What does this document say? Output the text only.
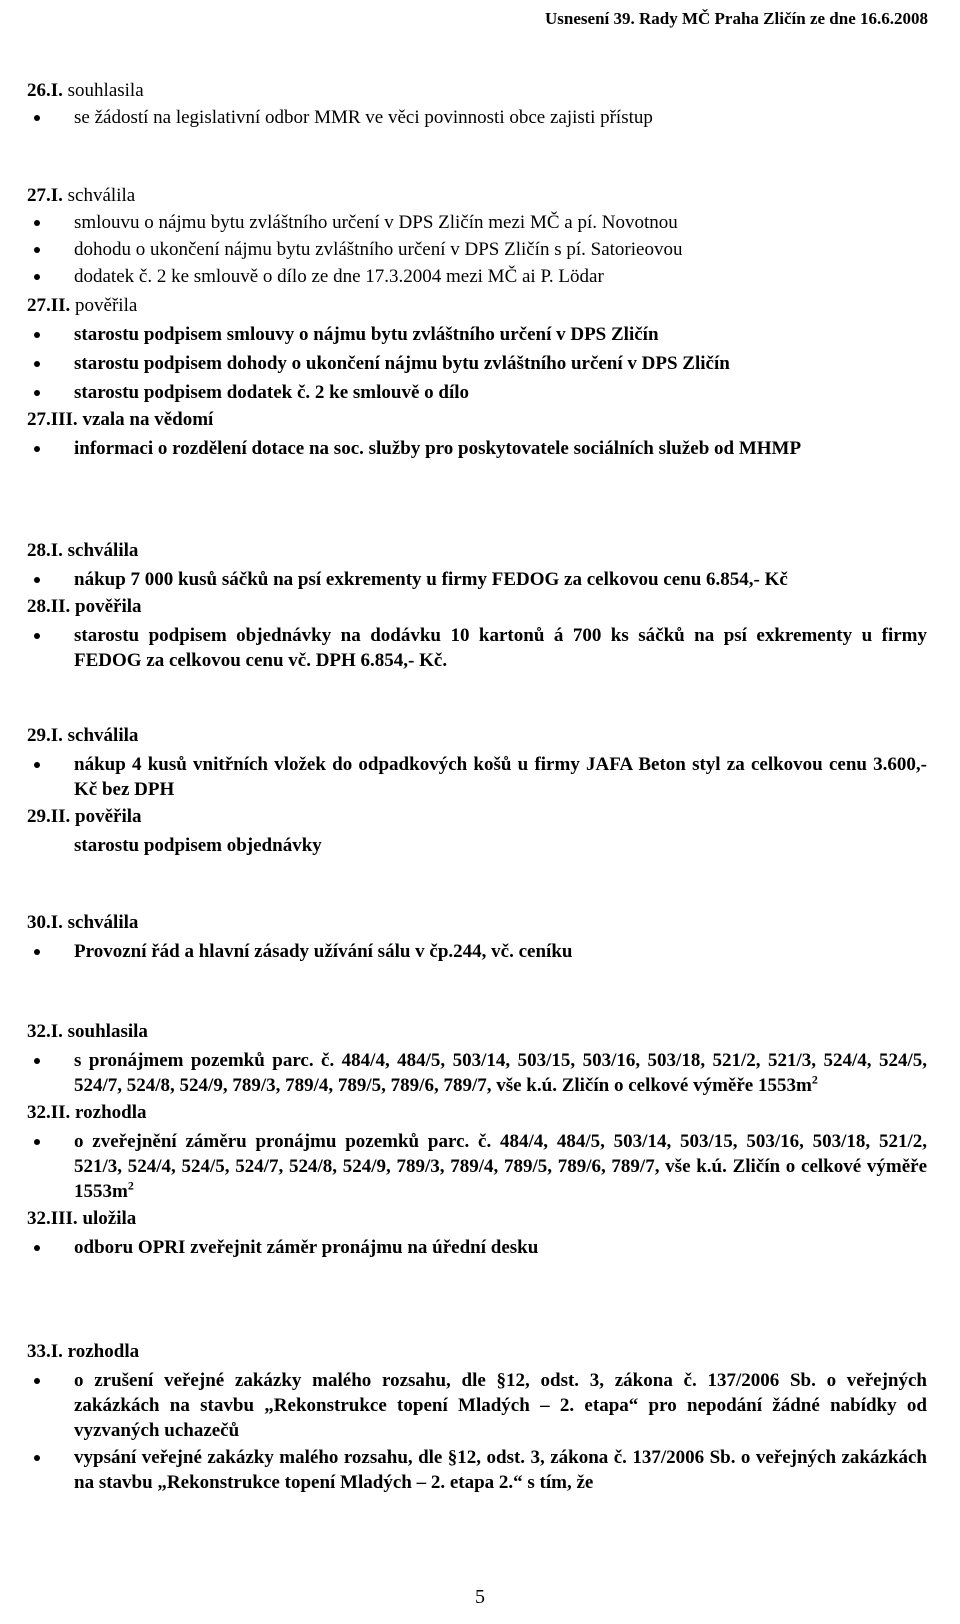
Usnesení 39. Rady MČ Praha Zličín ze dne 16.6.2008
26.I. souhlasila
se žádostí na legislativní odbor MMR ve věci povinnosti obce zajisti přístup
27.I. schválila
smlouvu o nájmu bytu zvláštního určení v DPS Zličín mezi MČ a pí. Novotnou
dohodu o ukončení nájmu bytu zvláštního určení v DPS Zličín s pí. Satorieovou
dodatek č. 2 ke smlouvě o dílo ze dne 17.3.2004 mezi MČ ai P. Lödar
27.II. pověřila
starostu podpisem smlouvy o nájmu bytu zvláštního určení v DPS Zličín
starostu podpisem dohody o ukončení nájmu bytu zvláštního určení v DPS Zličín
starostu podpisem dodatek č. 2 ke smlouvě o dílo
27.III. vzala na vědomí
informaci o rozdělení dotace na soc. služby pro poskytovatele sociálních služeb od MHMP
28.I. schválila
nákup 7 000 kusů sáčků na psí exkrementy u firmy FEDOG za celkovou cenu 6.854,- Kč
28.II. pověřila
starostu podpisem objednávky na dodávku 10 kartonů á 700 ks sáčků na psí exkrementy u firmy FEDOG za celkovou cenu vč. DPH 6.854,- Kč.
29.I. schválila
nákup 4 kusů vnitřních vložek do odpadkových košů u firmy JAFA Beton styl za celkovou cenu 3.600,- Kč bez DPH
29.II. pověřila
starostu podpisem objednávky
30.I. schválila
Provozní řád a hlavní zásady užívání sálu v čp.244, vč. ceníku
32.I. souhlasila
s pronájmem pozemků parc. č. 484/4, 484/5, 503/14, 503/15, 503/16, 503/18, 521/2, 521/3, 524/4, 524/5, 524/7, 524/8, 524/9, 789/3, 789/4, 789/5, 789/6, 789/7, vše k.ú. Zličín o celkové výměře $1553m^2$
32.II. rozhodla
o zveřejnění záměru pronájmu pozemků parc. č. 484/4, 484/5, 503/14, 503/15, 503/16, 503/18, 521/2, 521/3, 524/4, 524/5, 524/7, 524/8, 524/9, 789/3, 789/4, 789/5, 789/6, 789/7, vše k.ú. Zličín o celkové výměře $1553m^2$
32.III. uložila
odboru OPRI zveřejnit záměr pronájmu na úřední desku
33.I. rozhodla
o zrušení veřejné zakázky malého rozsahu, dle §12, odst. 3, zákona č. 137/2006 Sb. o veřejných zakázkách na stavbu „Rekonstrukce topení Mladých – 2. etapa“ pro nepodání žádné nabídky od vyzvaných uchazečů
vypsání veřejné zakázky malého rozsahu, dle §12, odst. 3, zákona č. 137/2006 Sb. o veřejných zakázkách na stavbu „Rekonstrukce topení Mladých – 2. etapa 2.“ s tím, že
5
